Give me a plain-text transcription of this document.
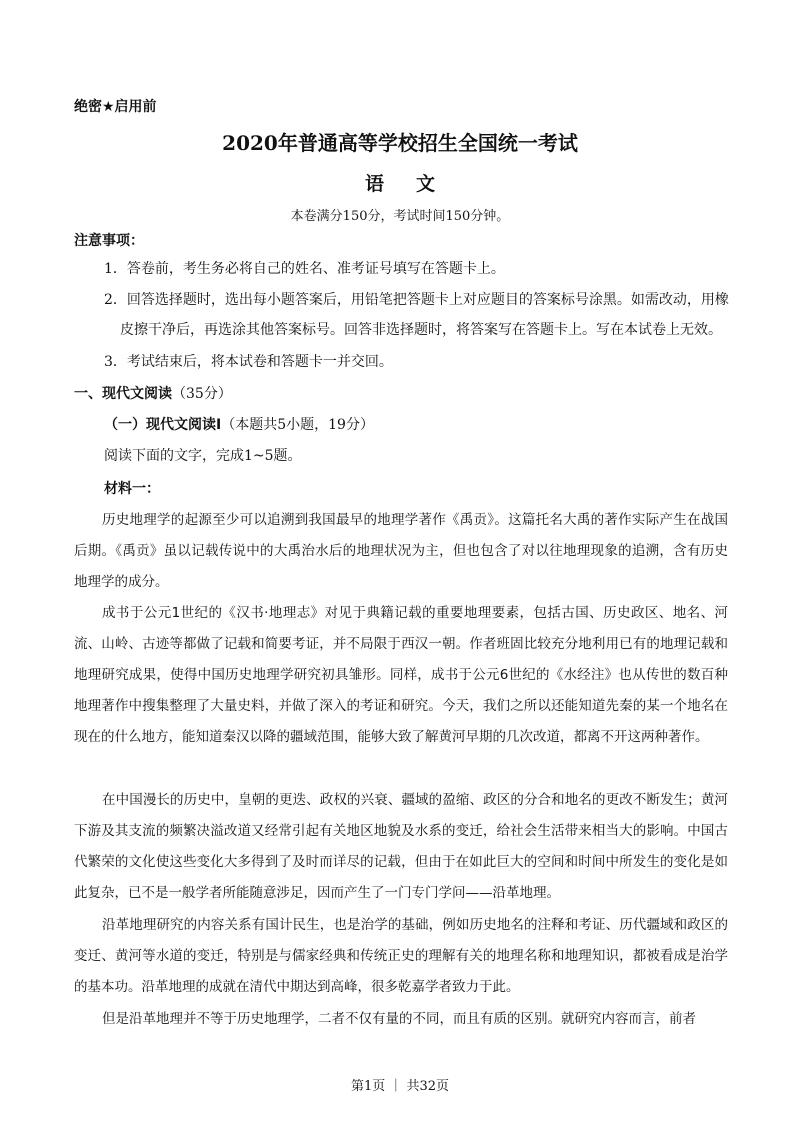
绝密★启用前
2020年普通高等学校招生全国统一考试
语 文
本卷满分150分，考试时间150分钟。
注意事项：
1．答卷前，考生务必将自己的姓名、准考证号填写在答题卡上。
2．回答选择题时，选出每小题答案后，用铅笔把答题卡上对应题目的答案标号涂黑。如需改动，用橡
皮擦干净后，再选涂其他答案标号。回答非选择题时，将答案写在答题卡上。写在本试卷上无效。
3．考试结束后，将本试卷和答题卡一并交回。
一、现代文阅读（35分）
（一）现代文阅读I（本题共5小题，19分）
阅读下面的文字，完成1~5题。
材料一：
历史地理学的起源至少可以追溯到我国最早的地理学著作《禹贡》。这篇托名大禹的著作实际产生在战国后期。《禹贡》虽以记载传说中的大禹治水后的地理状况为主，但也包含了对以往地理现象的追溯，含有历史地理学的成分。
成书于公元1世纪的《汉书·地理志》对见于典籍记载的重要地理要素，包括古国、历史政区、地名、河流、山岭、古迹等都做了记载和简要考证，并不局限于西汉一朝。作者班固比较充分地利用已有的地理记载和地理研究成果，使得中国历史地理学研究初具雏形。同样，成书于公元6世纪的《水经注》也从传世的数百种地理著作中搜集整理了大量史料，并做了深入的考证和研究。今天，我们之所以还能知道先秦的某一个地名在现在的什么地方，能知道秦汉以降的疆域范围，能够大致了解黄河早期的几次改道，都离不开这两种著作。
在中国漫长的历史中，皇朝的更迭、政权的兴衰、疆域的盈缩、政区的分合和地名的更改不断发生；黄河下游及其支流的频繁决溢改道又经常引起有关地区地貌及水系的变迁，给社会生活带来相当大的影响。中国古代繁荣的文化使这些变化大多得到了及时而详尽的记载，但由于在如此巨大的空间和时间中所发生的变化是如此复杂，已不是一般学者所能随意涉足，因而产生了一门专门学问——沿革地理。
沿革地理研究的内容关系有国计民生，也是治学的基础，例如历史地名的注释和考证、历代疆域和政区的变迁、黄河等水道的变迁，特别是与儒家经典和传统正史的理解有关的地理名称和地理知识，都被看成是治学的基本功。沿革地理的成就在清代中期达到高峰，很多乾嘉学者致力于此。
但是沿革地理并不等于历史地理学，二者不仅有量的不同，而且有质的区别。就研究内容而言，前者
第1页 ｜ 共32页
